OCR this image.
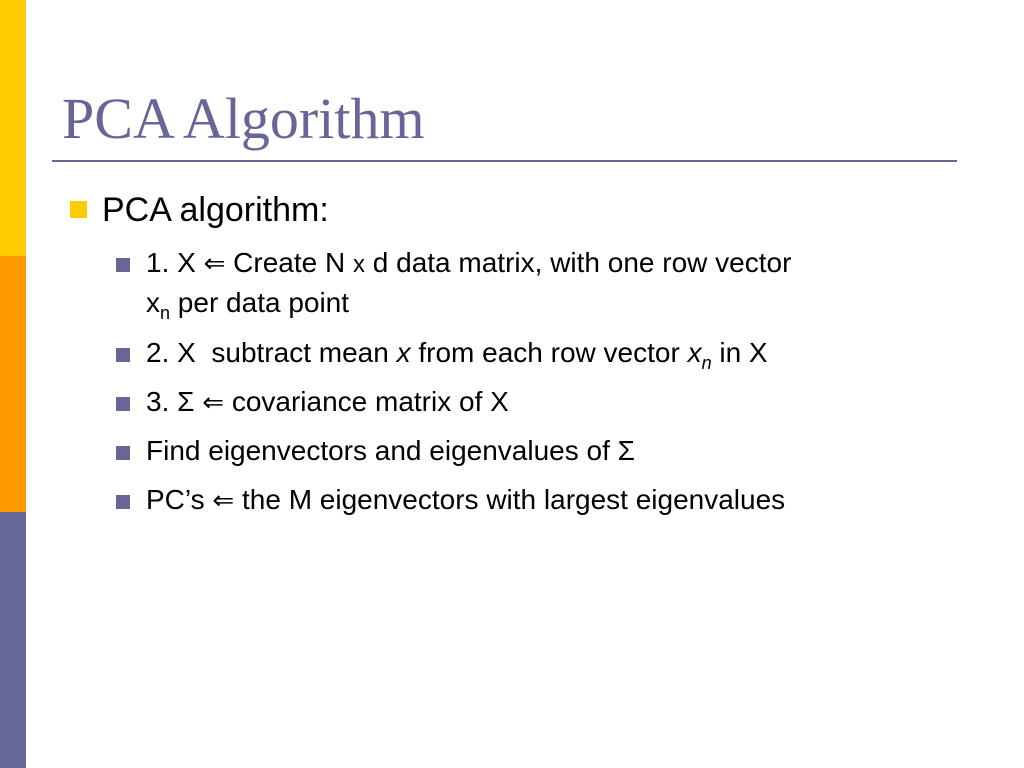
PCA Algorithm
PCA algorithm:
1. X ⇐ Create N x d data matrix, with one row vector
$x_n$ per data point
2. X subtract mean x from each row vector $x_n$ in X
3. Σ ⇐ covariance matrix of X
Find eigenvectors and eigenvalues of Σ
PC’s ⇐ the M eigenvectors with largest eigenvalues
